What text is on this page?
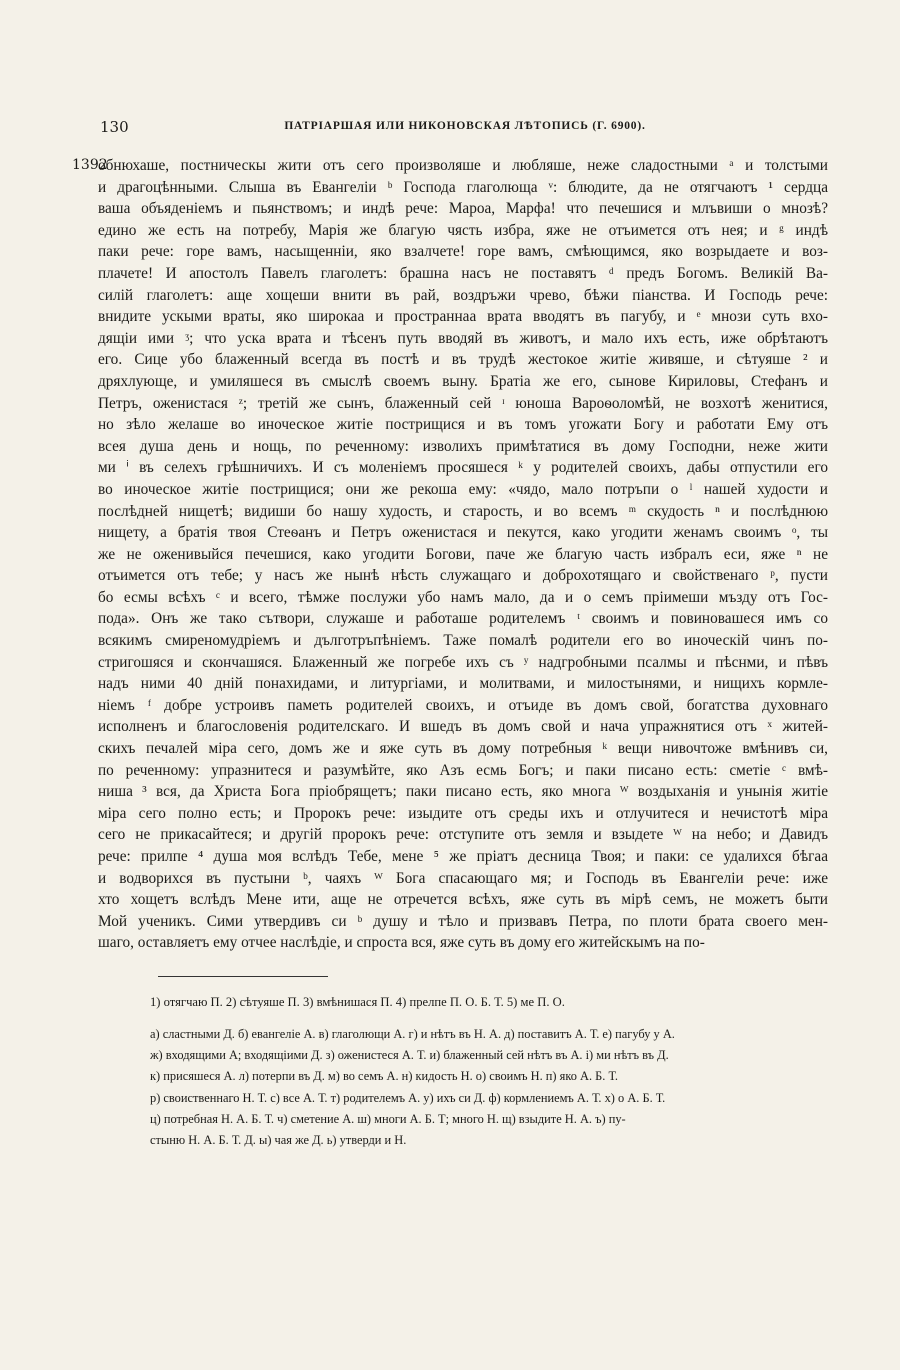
130	ПАТРІАРШАЯ ИЛИ НИКОНОВСКАЯ ЛѢТОПИСЬ (Г. 6900).
1392
обнюхаше, постническы жити отъ сего произволяше и любляше, неже сладостными ᵃ и толстыми
и драгоцѣнными. Слыша въ Евангеліи ᵇ Господа глаголюща ᵛ: блюдите, да не отягчаютъ ¹ сердца
ваша объяденіемъ и пьянствомъ; и индѣ рече: Мароа, Марфа! что печешися и млъвиши о мнозѣ?
едино же есть на потребу, Марія же благую чясть избра, яже не отъимется отъ нея; и ᵍ индѣ
паки рече: горе вамъ, насыщенніи, яко взалчете! горе вамъ, смѣющимся, яко возрыдаете и воз-
плачете! И апостолъ Павелъ глаголетъ: брашна насъ не поставятъ ᵈ предъ Богомъ. Великій Ва-
силій глаголетъ: аще хощеши внити въ рай, воздръжи чрево, бѣжи піанства. И Господь рече:
внидите ускыми враты, яко широкаа и пространнаа врата вводятъ въ пагубу, и ᵉ мнози суть вхо-
дящіи ими ᶾ; что уска врата и тѣсенъ путь вводяй въ животъ, и мало ихъ есть, иже обрѣтаютъ
его. Сице убо блаженный всегда въ постѣ и въ трудѣ жестокое житіе живяше, и сѣтуяше ² и
дряхлующе, и умиляшеся въ смыслѣ своемъ выну. Братіа же его, сынове Кириловы, Стефанъ и
Петръ, оженистася ᶻ; третій же сынъ, блаженный сей ᶦ юноша Вароѳоломѣй, не возхотѣ женитися,
но зѣло желаше во иноческое житіе пострищися и въ томъ угожати Богу и работати Ему отъ
всея душа день и нощь, по реченному: изволихъ примѣтатися въ дому Господни, неже жити
ми ⁱ въ селехъ грѣшничихъ. И съ моленіемъ просяшеся ᵏ у родителей своихъ, дабы отпустили его
во иноческое житіе пострищися; они же рекоша ему: «чядо, мало потръпи о ˡ нашей худости и
послѣдней нищетѣ; видиши бо нашу худость, и старость, и во всемъ ᵐ скудость ⁿ и послѣднюю
нищету, а братія твоя Стеѳанъ и Петръ оженистася и пекутся, како угодити женамъ своимъ ᵒ, ты
же не оженивыйся печешися, како угодити Богови, паче же благую часть избралъ еси, яже ⁿ не
отъимется отъ тебе; у насъ же нынѣ нѣсть служащаго и доброхотящаго и свойственаго ᵖ, пусти
бо есмы всѣхъ ᶜ и всего, тѣмже послужи убо намъ мало, да и о семъ пріимеши мъзду отъ Гос-
пода». Онъ же тако сътвори, служаше и работаше родителемъ ᵗ своимъ и повиновашеся имъ со
всякимъ смиреномудріемъ и дълготръпѣніемъ. Таже помалѣ родители его во иноческій чинъ по-
стригошяся и скончашяся. Блаженный же погребе ихъ съ ʸ надгробными псалмы и пѣснми, и пѣвъ
надъ ними 40 дній понахидами, и литургіами, и молитвами, и милостынями, и нищихъ кормле-
ніемъ ᶠ добре устроивъ паметь родителей своихъ, и отъиде въ домъ свой, богатства духовнаго
исполненъ и благословенія родителскаго. И вшедъ въ домъ свой и нача упражнятися отъ ˣ житей-
скихъ печалей міра сего, домъ же и яже суть въ дому потребныя ᵏ вещи нивочтоже вмѣнивъ си,
по реченному: упразнитеся и разумѣйте, яко Азъ есмь Богъ; и паки писано есть: сметіе ᶜ вмѣ-
ниша ³ вся, да Христа Бога пріобрящетъ; паки писано есть, яко многа ᵂ воздыханія и унынія житіе
міра сего полно есть; и Пророкъ рече: изыдите отъ среды ихъ и отлучитеся и нечистотѣ міра
сего не прикасайтеся; и другій пророкъ рече: отступите отъ земля и взыдете ᵂ на небо; и Давидъ
рече: прилпе ⁴ душа моя вслѣдъ Тебе, мене ⁵ же пріатъ десница Твоя; и паки: се удалихся бѣгаа
и водворихся въ пустыни ᵇ, чаяхъ ᵂ Бога спасающаго мя; и Господь въ Евангеліи рече: иже
хто хощетъ вслѣдъ Мене ити, аще не отречется всѣхъ, яже суть въ мірѣ семъ, не можетъ быти
Мой ученикъ. Сими утвердивъ си ᵇ душу и тѣло и призвавъ Петра, по плоти брата своего мен-
шаго, оставляетъ ему отчее наслѣдіе, и спроста вся, яже суть въ дому его житейскымъ на по-
1) отягчаю П. 2) сѣтуяше П. 3) вмѣнишася П. 4) прелпе П. О. Б. Т. 5) ме П. О.
а) сластными Д. б) евангеліе А. в) глаголющи А. г) и нѣтъ въ Н. А. д) поставитъ А. Т. е) пагубу у А.
ж) входящими А; входящіими Д. з) оженистеся А. Т. и) блаженный сей нѣтъ въ А. і) ми нѣтъ въ Д.
к) присяшеся А. л) потерпи въ Д. м) во семъ А. н) кидость Н. о) своимъ Н. п) яко А. Б. Т.
р) своиственнаго Н. Т. с) все А. Т. т) родителемъ А. у) ихъ си Д. ф) кормлениемъ А. Т. х) о А. Б. Т.
ц) потребная Н. А. Б. Т. ч) сметение А. ш) многи А. Б. Т; много Н. щ) взыдите Н. А. ъ) пу-
стыню Н. А. Б. Т. Д. ы) чая же Д. ь) утверди и Н.
